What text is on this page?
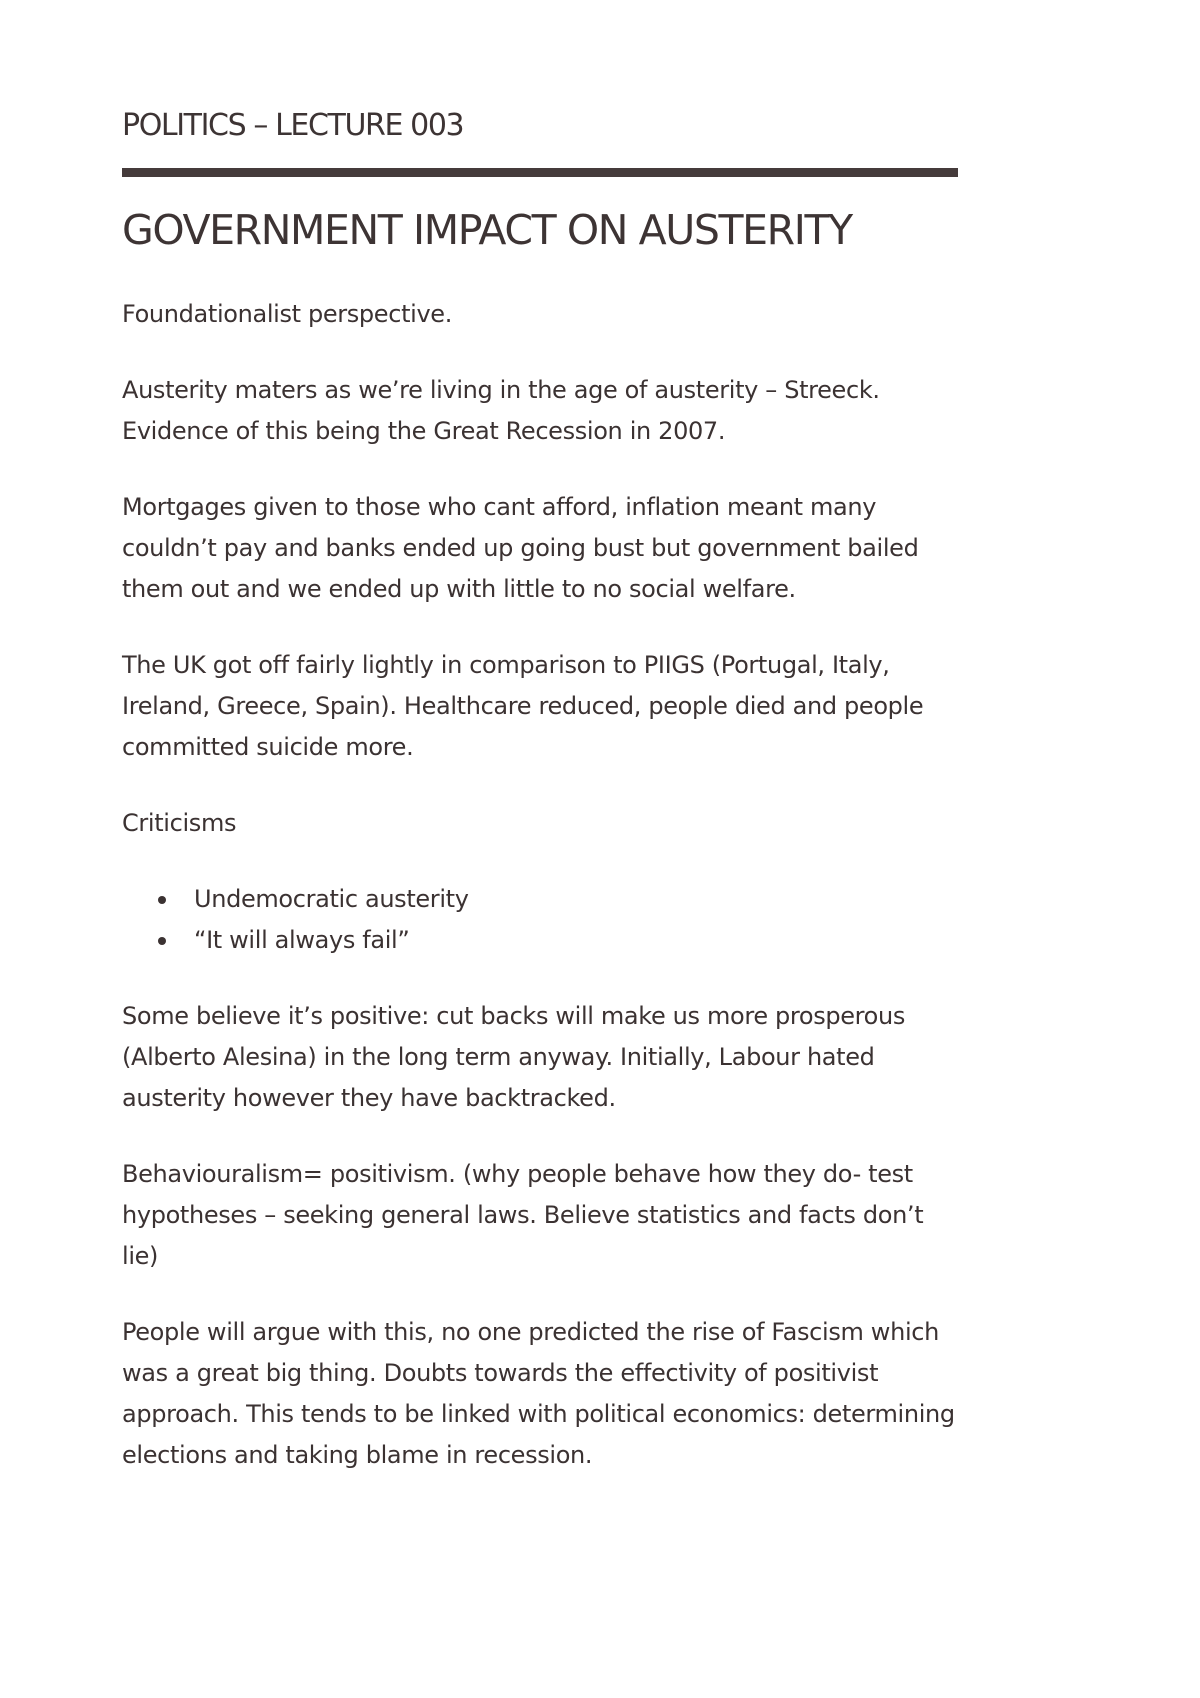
POLITICS – LECTURE 003
GOVERNMENT IMPACT ON AUSTERITY

Foundationalist perspective.

Austerity maters as we’re living in the age of austerity – Streeck. Evidence of this being the Great Recession in 2007.

Mortgages given to those who cant afford, inflation meant many couldn’t pay and banks ended up going bust but government bailed them out and we ended up with little to no social welfare.

The UK got off fairly lightly in comparison to PIIGS (Portugal, Italy, Ireland, Greece, Spain). Healthcare reduced, people died and people committed suicide more.

Criticisms

Undemocratic austerity
“It will always fail”

Some believe it’s positive: cut backs will make us more prosperous (Alberto Alesina) in the long term anyway. Initially, Labour hated austerity however they have backtracked.

Behaviouralism= positivism. (why people behave how they do- test hypotheses – seeking general laws. Believe statistics and facts don’t lie)

People will argue with this, no one predicted the rise of Fascism which was a great big thing. Doubts towards the effectivity of positivist approach. This tends to be linked with political economics: determining elections and taking blame in recession.
